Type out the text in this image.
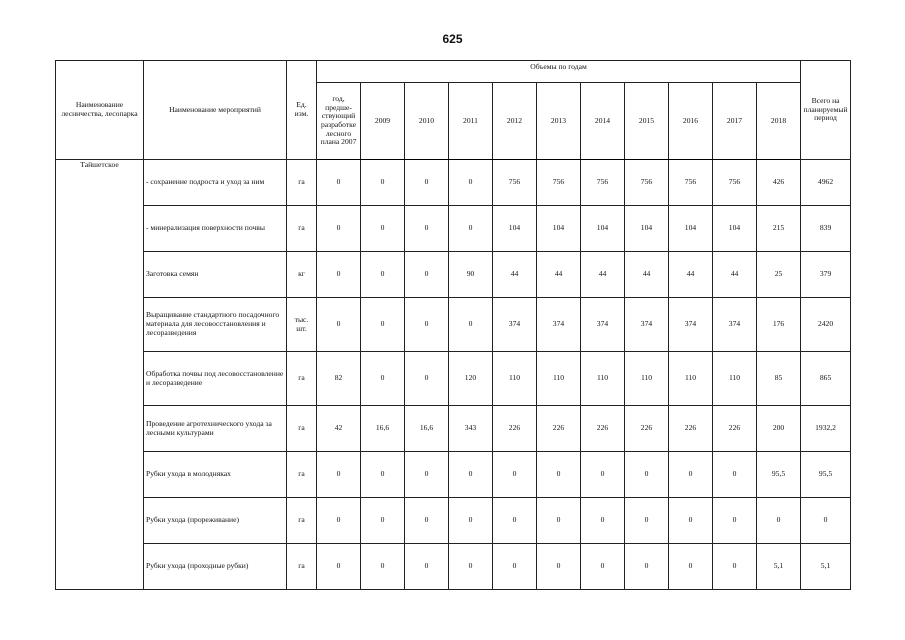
625
Наименование лесничества, лесопарка	Наименование мероприятий	Ед. изм.	Объемы по годам											Всего на планируемый период
			год, предше-ствующий разработке лесного плана 2007	2009	2010	2011	2012	2013	2014	2015	2016	2017	2018	
Тайшетское	- сохранение подроста и уход за ним	га	0	0	0	0	756	756	756	756	756	756	426	4962
	- минерализация поверхности почвы	га	0	0	0	0	104	104	104	104	104	104	215	839
	Заготовка семян	кг	0	0	0	90	44	44	44	44	44	44	25	379
	Выращивание стандартного посадочного материала для лесовосстановления и лесоразведения	тыс. шт.	0	0	0	0	374	374	374	374	374	374	176	2420
	Обработка почвы под лесовосстановление и лесоразведение	га	82	0	0	120	110	110	110	110	110	110	85	865
	Проведение агротехнического ухода за лесными культурами	га	42	16,6	16,6	343	226	226	226	226	226	226	200	1932,2
	Рубки ухода в молодняках	га	0	0	0	0	0	0	0	0	0	0	95,5	95,5
	Рубки ухода (прореживание)	га	0	0	0	0	0	0	0	0	0	0	0	0
	Рубки ухода (проходные рубки)	га	0	0	0	0	0	0	0	0	0	0	5,1	5,1
